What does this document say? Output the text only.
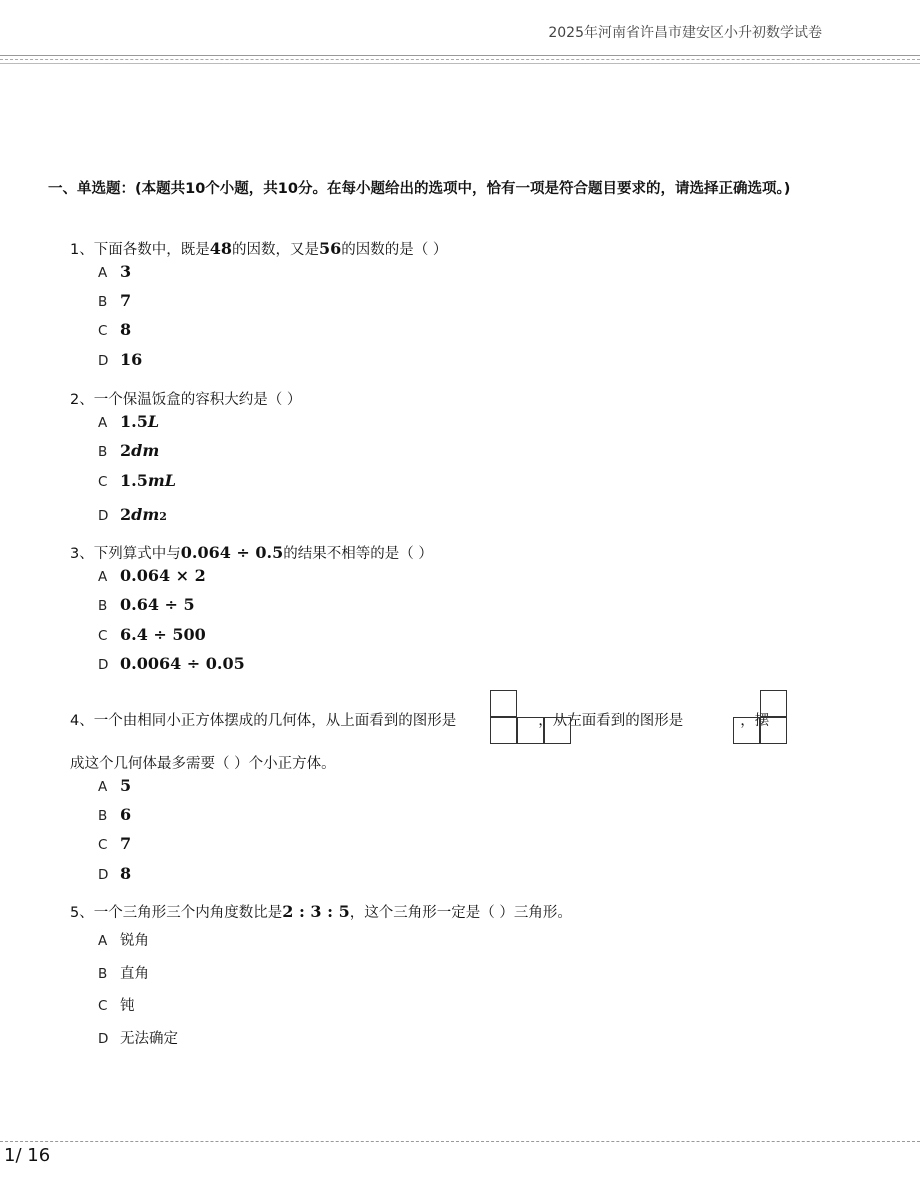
2025年河南省许昌市建安区小升初数学试卷
一、单选题：(本题共10个小题，共10分。在每小题给出的选项中，恰有一项是符合题目要求的，请选择正确选项。)
1、下面各数中，既是48的因数，又是56的因数的是（ ）
A 3
B 7
C 8
D 16
2、一个保温饭盒的容积大约是（ ）
A 1.5 L
B 2 dm
C 1.5 mL
D 2 dm 2
3、下列算式中与0.064 ÷ 0.5的结果不相等的是（ ）
A 0.064 × 2
B 0.64 ÷ 5
C 6.4 ÷ 500
D 0.0064 ÷ 0.05
4、一个由相同小正方体摆成的几何体，从上面看到的图形是	，从左面看到的图形是	，摆
成这个几何体最多需要（ ）个小正方体。
A 5
B 6
C 7
D 8
5、一个三角形三个内角度数比是2 : 3 : 5，这个三角形一定是（ ）三角形。
A 锐角
B 直角
C 钝
D 无法确定
1/ 16
